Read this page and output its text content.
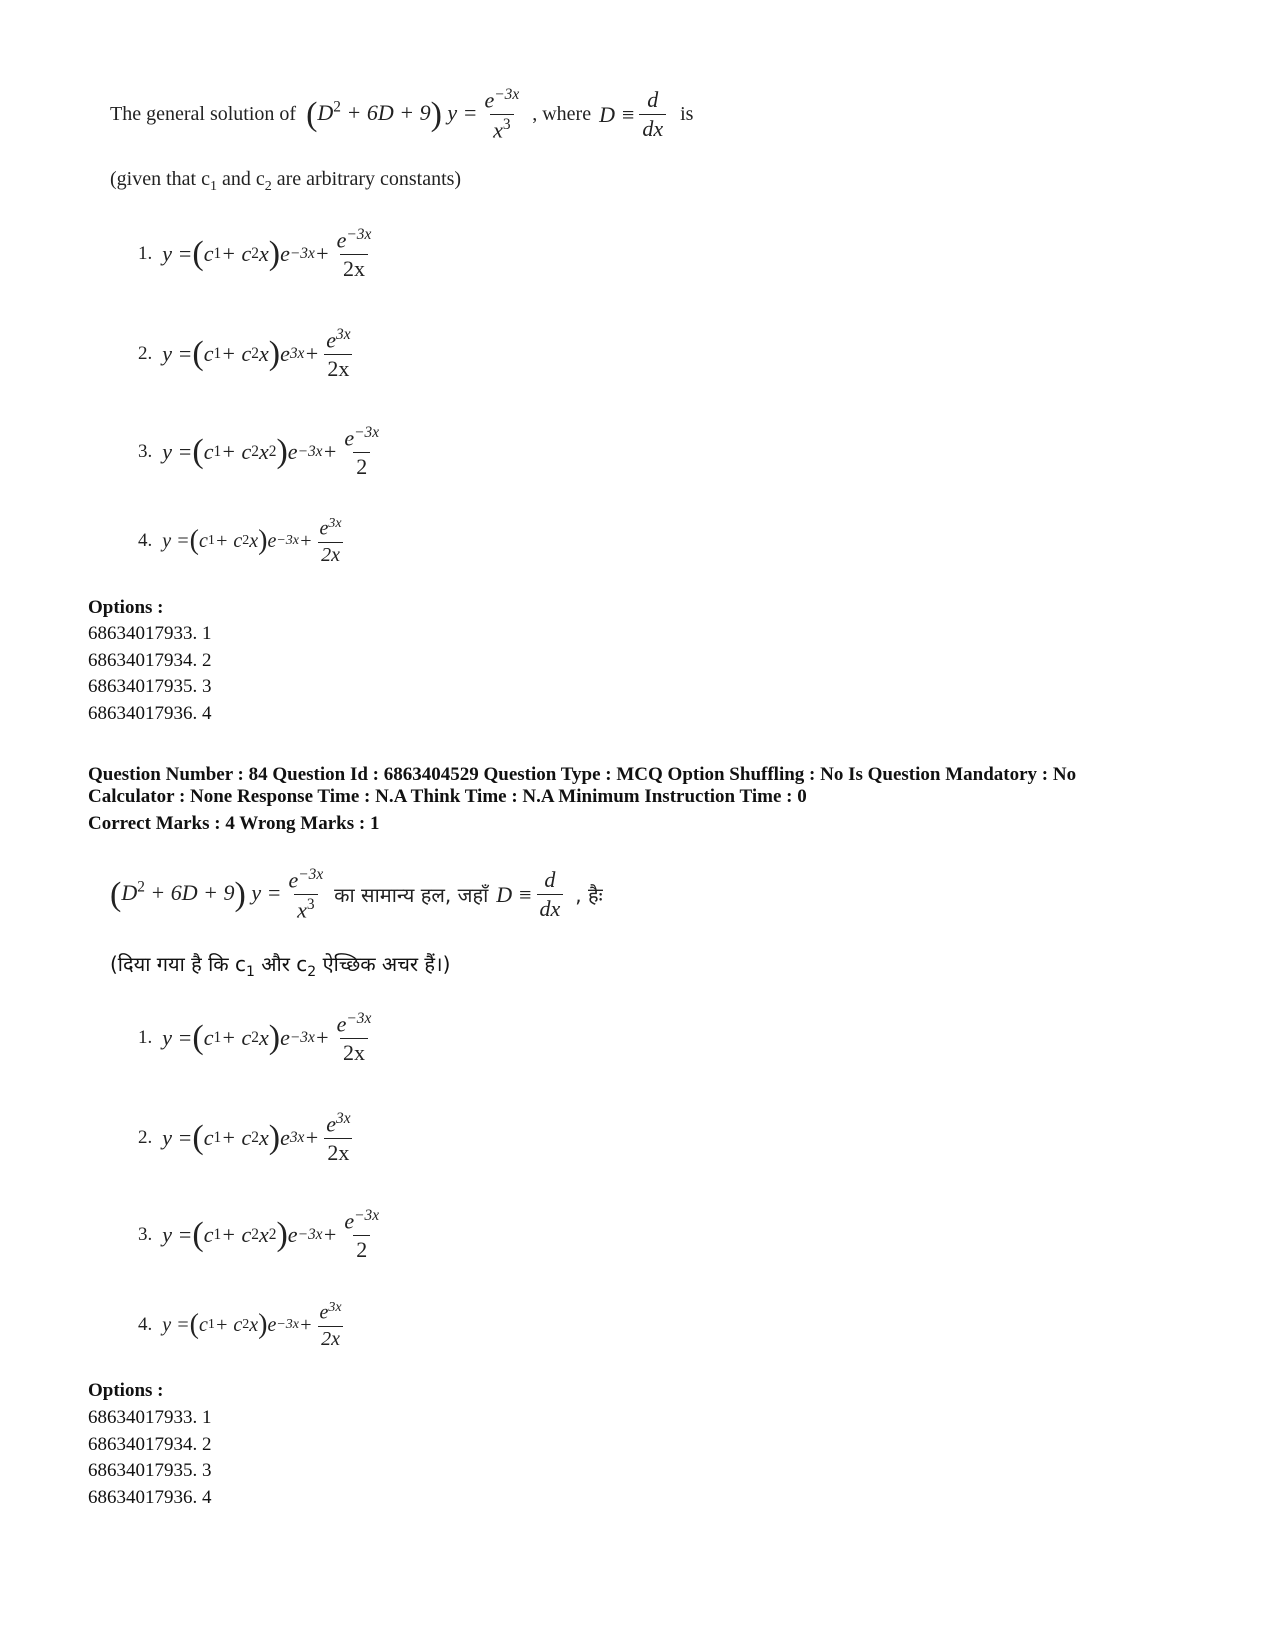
The general solution of $(D^2 + 6D + 9) y = \frac{e^{-3x}}{x^3}$ , where $D \equiv \frac{d}{dx}$ is
(given that $c_1$ and $c_2$ are arbitrary constants)
1. y = ( c 1 + c 2 x ) $e -3x + \frac{e^{-3x}}{2x}$
2. y = ( c 1 + c 2 x ) e $3x + \frac{e^{3x}}{2x}$
3. y = ( c 1 + c 2 x 2 ) $e -3x + \frac{e^{-3x}}{2}$
4. y = ( c 1 + c 2 x ) $e -3x + \frac{e^{3x}}{2x}$
Options :
68634017933. 1
68634017934. 2
68634017935. 3
68634017936. 4
Question Number : 84 Question Id : 6863404529 Question Type : MCQ Option Shuffling : No Is Question Mandatory : No
Calculator : None Response Time : N.A Think Time : N.A Minimum Instruction Time : 0
Correct Marks : 4 Wrong Marks : 1
$(D^2 + 6D + 9) y = \frac{e^{-3x}}{x^3}$ का सामान्य हल, जहाँ $D \equiv \frac{d}{dx}$ , हैः
(दिया गया है कि $c_1$ और $c_2$ ऐच्छिक अचर हैं।)
1. y = ( c 1 + c 2 x ) $e -3x + \frac{e^{-3x}}{2x}$
2. y = ( c 1 + c 2 x ) e $3x + \frac{e^{3x}}{2x}$
3. y = ( c 1 + c 2 x 2 ) $e -3x + \frac{e^{-3x}}{2}$
4. y = ( c 1 + c 2 x ) $e -3x + \frac{e^{3x}}{2x}$
Options :
68634017933. 1
68634017934. 2
68634017935. 3
68634017936. 4
